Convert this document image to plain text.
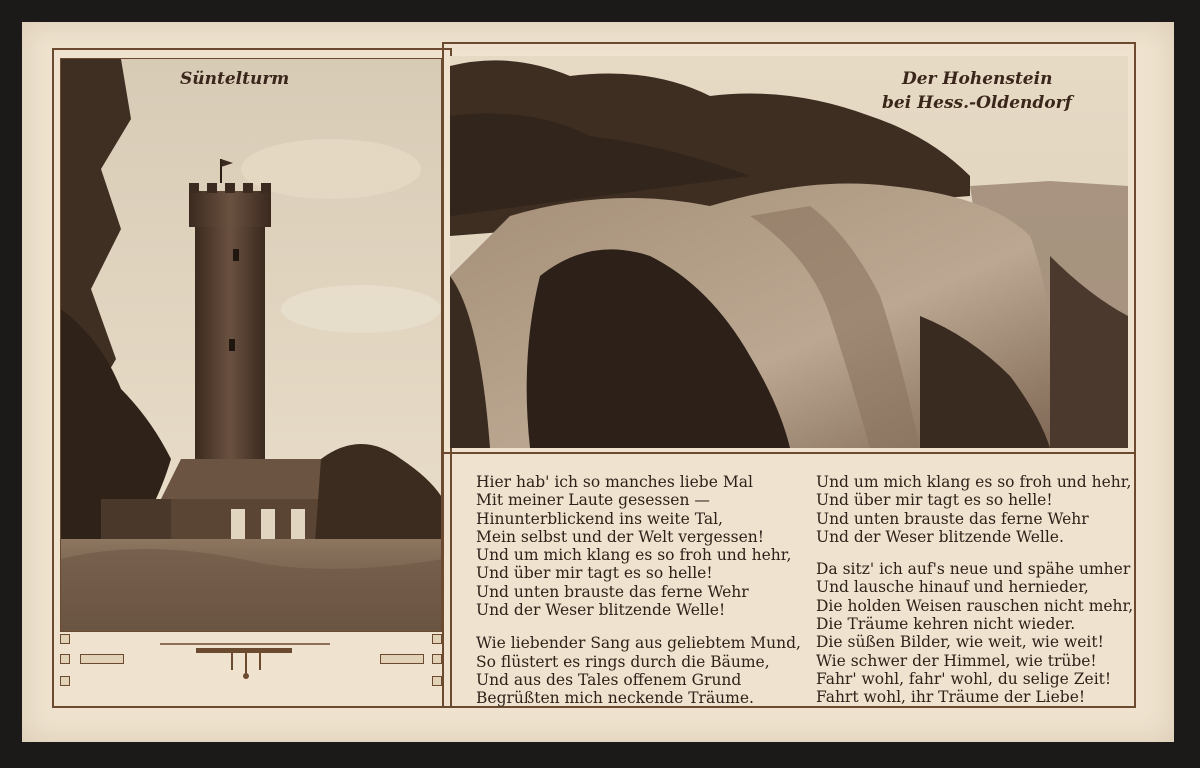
Süntelturm	Der Hohenstein
bei Hess.-Oldendorf
Hier hab' ich so manches liebe Mal
Mit meiner Laute gesessen —
Hinunterblickend ins weite Tal,
Mein selbst und der Welt vergessen!
Und um mich klang es so froh und hehr,
Und über mir tagt es so helle!
Und unten brauste das ferne Wehr
Und der Weser blitzende Welle!
Wie liebender Sang aus geliebtem Mund,
So flüstert es rings durch die Bäume,
Und aus des Tales offenem Grund
Begrüßten mich neckende Träume.
Und um mich klang es so froh und hehr,
Und über mir tagt es so helle!
Und unten brauste das ferne Wehr
Und der Weser blitzende Welle.
Da sitz' ich auf's neue und spähe umher
Und lausche hinauf und hernieder,
Die holden Weisen rauschen nicht mehr,
Die Träume kehren nicht wieder.
Die süßen Bilder, wie weit, wie weit!
Wie schwer der Himmel, wie trübe!
Fahr' wohl, fahr' wohl, du selige Zeit!
Fahrt wohl, ihr Träume der Liebe!
